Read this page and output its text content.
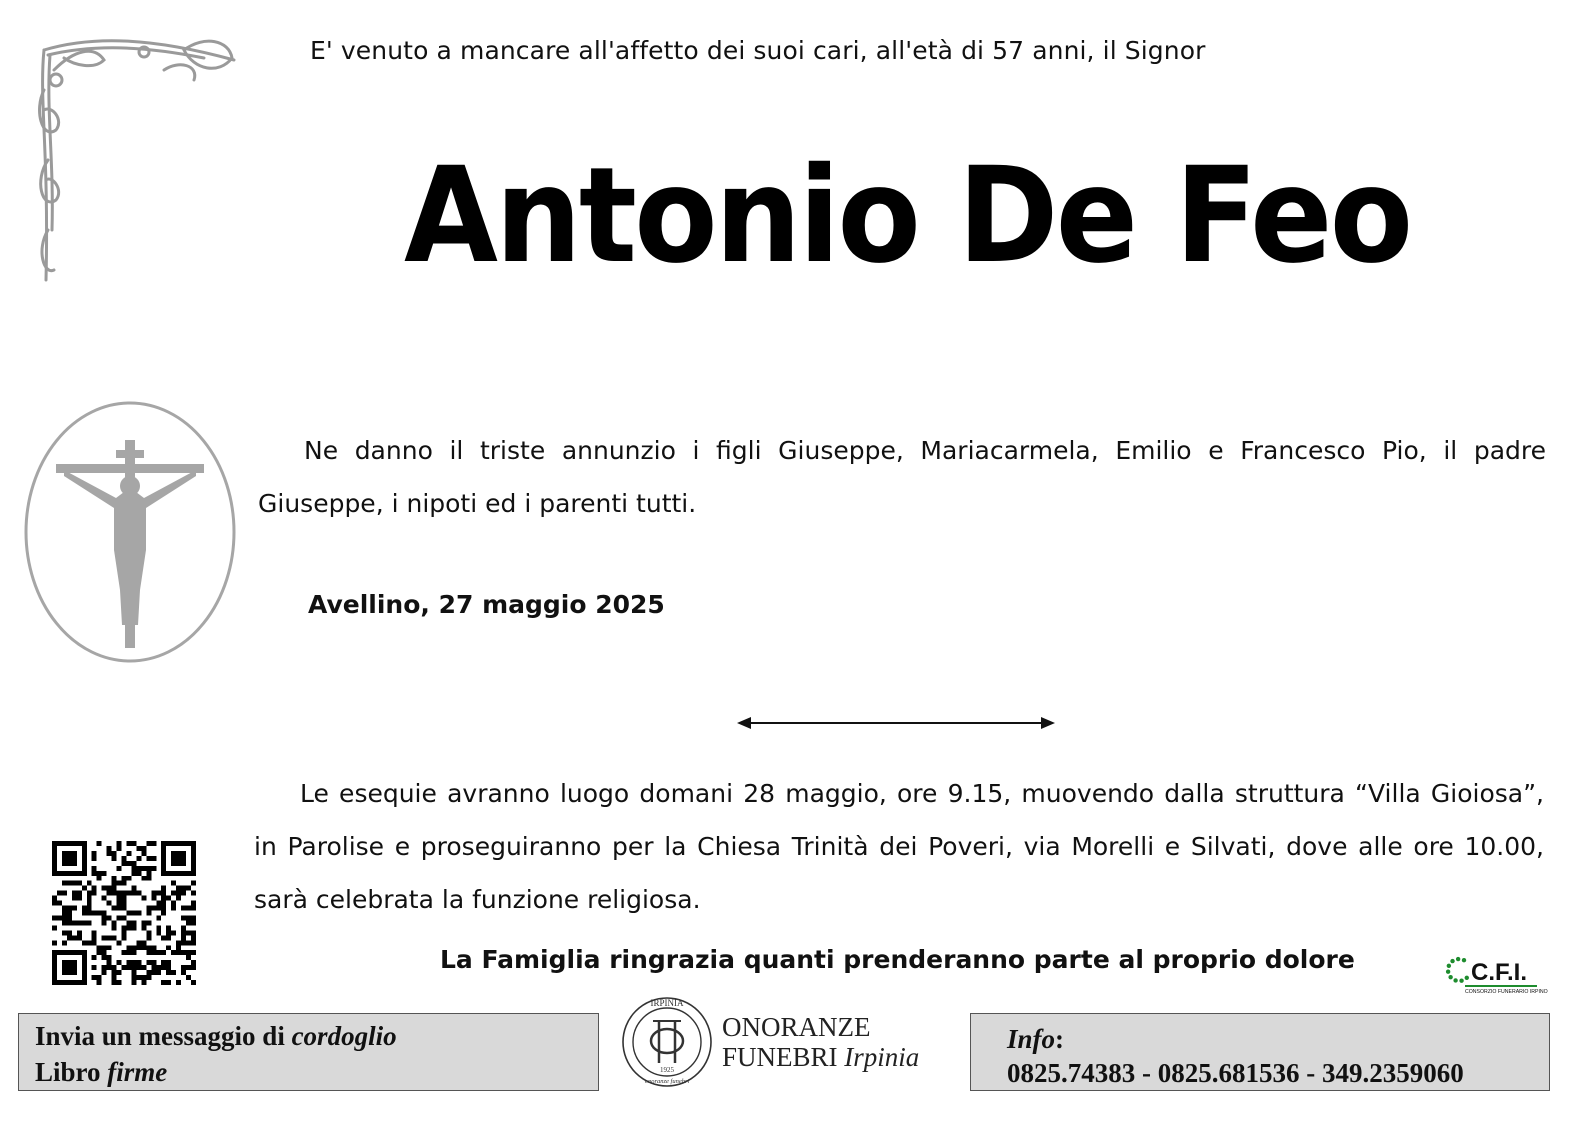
E' venuto a mancare all'affetto dei suoi cari, all'età di 57 anni, il Signor
Antonio De Feo

Ne danno il triste annunzio i figli Giuseppe, Mariacarmela, Emilio e Francesco Pio, il padre Giuseppe, i nipoti ed i parenti tutti.

Avellino, 27 maggio 2025

Le esequie avranno luogo domani 28 maggio, ore 9.15, muovendo dalla struttura “Villa Gioiosa”, in Parolise e proseguiranno per la Chiesa Trinità dei Poveri, via Morelli e Silvati, dove alle ore 10.00, sarà celebrata la funzione religiosa.

La Famiglia ringrazia quanti prenderanno parte al proprio dolore	C.F.I.
CONSORZIO FUNERARIO IRPINO
Invia un messaggio di cordoglio
Libro firme
IRPINIA
1925
onoranze funebri
ONORANZE
FUNEBRI Irpinia
Info:
0825.74383 - 0825.681536 - 349.2359060
